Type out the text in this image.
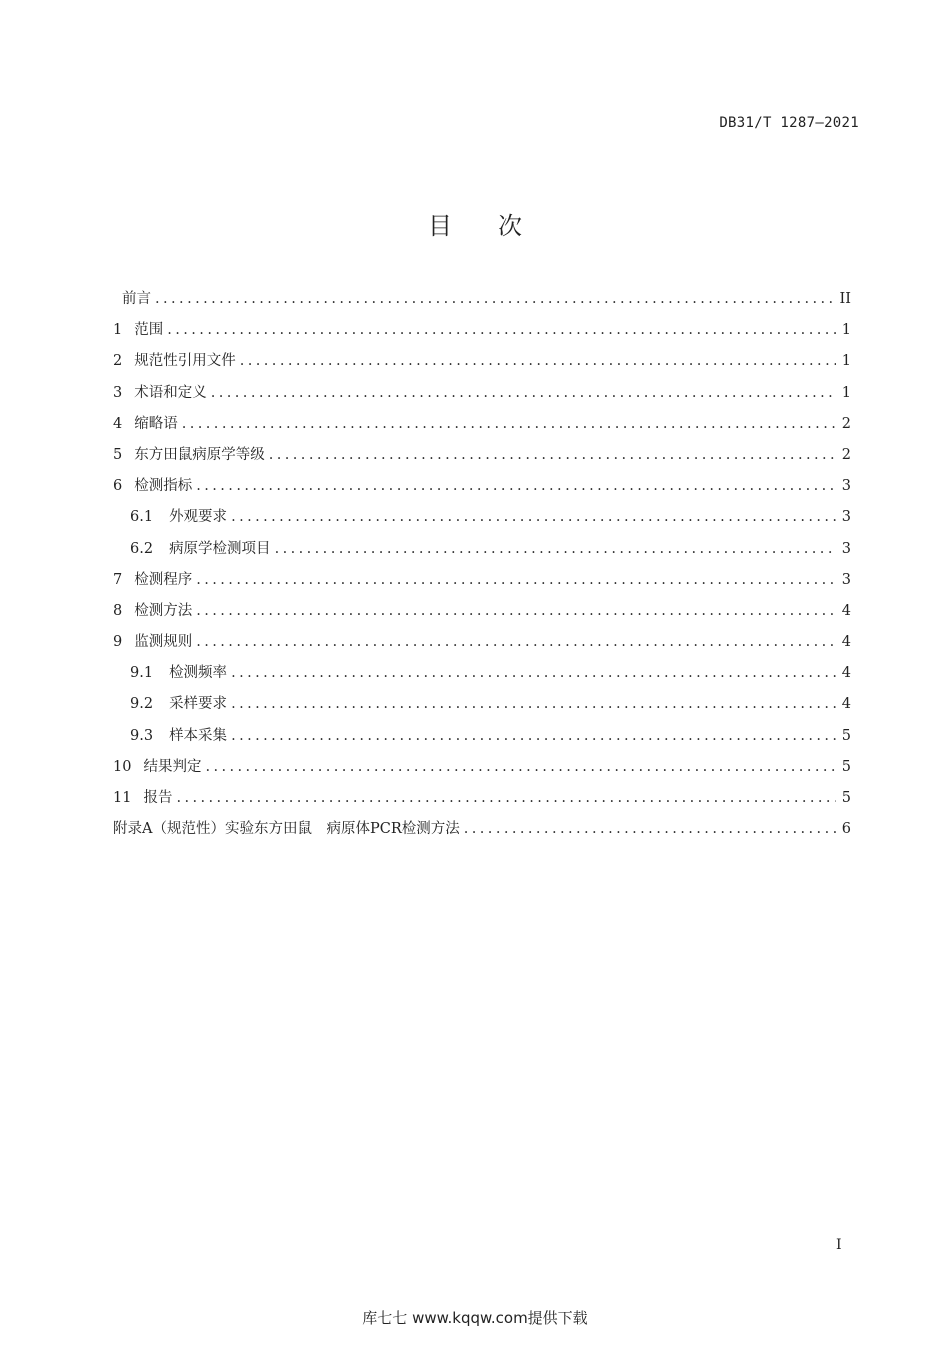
DB31/T 1287—2021
目次
前言 . . .	II
1 范围 . . .	1
2 规范性引用文件 . . .	1
3 术语和定义 . . .	1
4 缩略语 . . .	2
5 东方田鼠病原学等级 . . .	2
6 检测指标 . . .	3
6.1 外观要求 . . .	3
6.2 病原学检测项目 . . .	3
7 检测程序 . . .	3
8 检测方法 . . .	4
9 监测规则 . . .	4
9.1 检测频率 . . .	4
9.2 采样要求 . . .	4
9.3 样本采集 . . .	5
10 结果判定 . . .	5
11 报告 . . .	5
附录A（规范性）实验东方田鼠　病原体PCR检测方法 . . .	6
I
库七七 www.kqqw.com提供下载
